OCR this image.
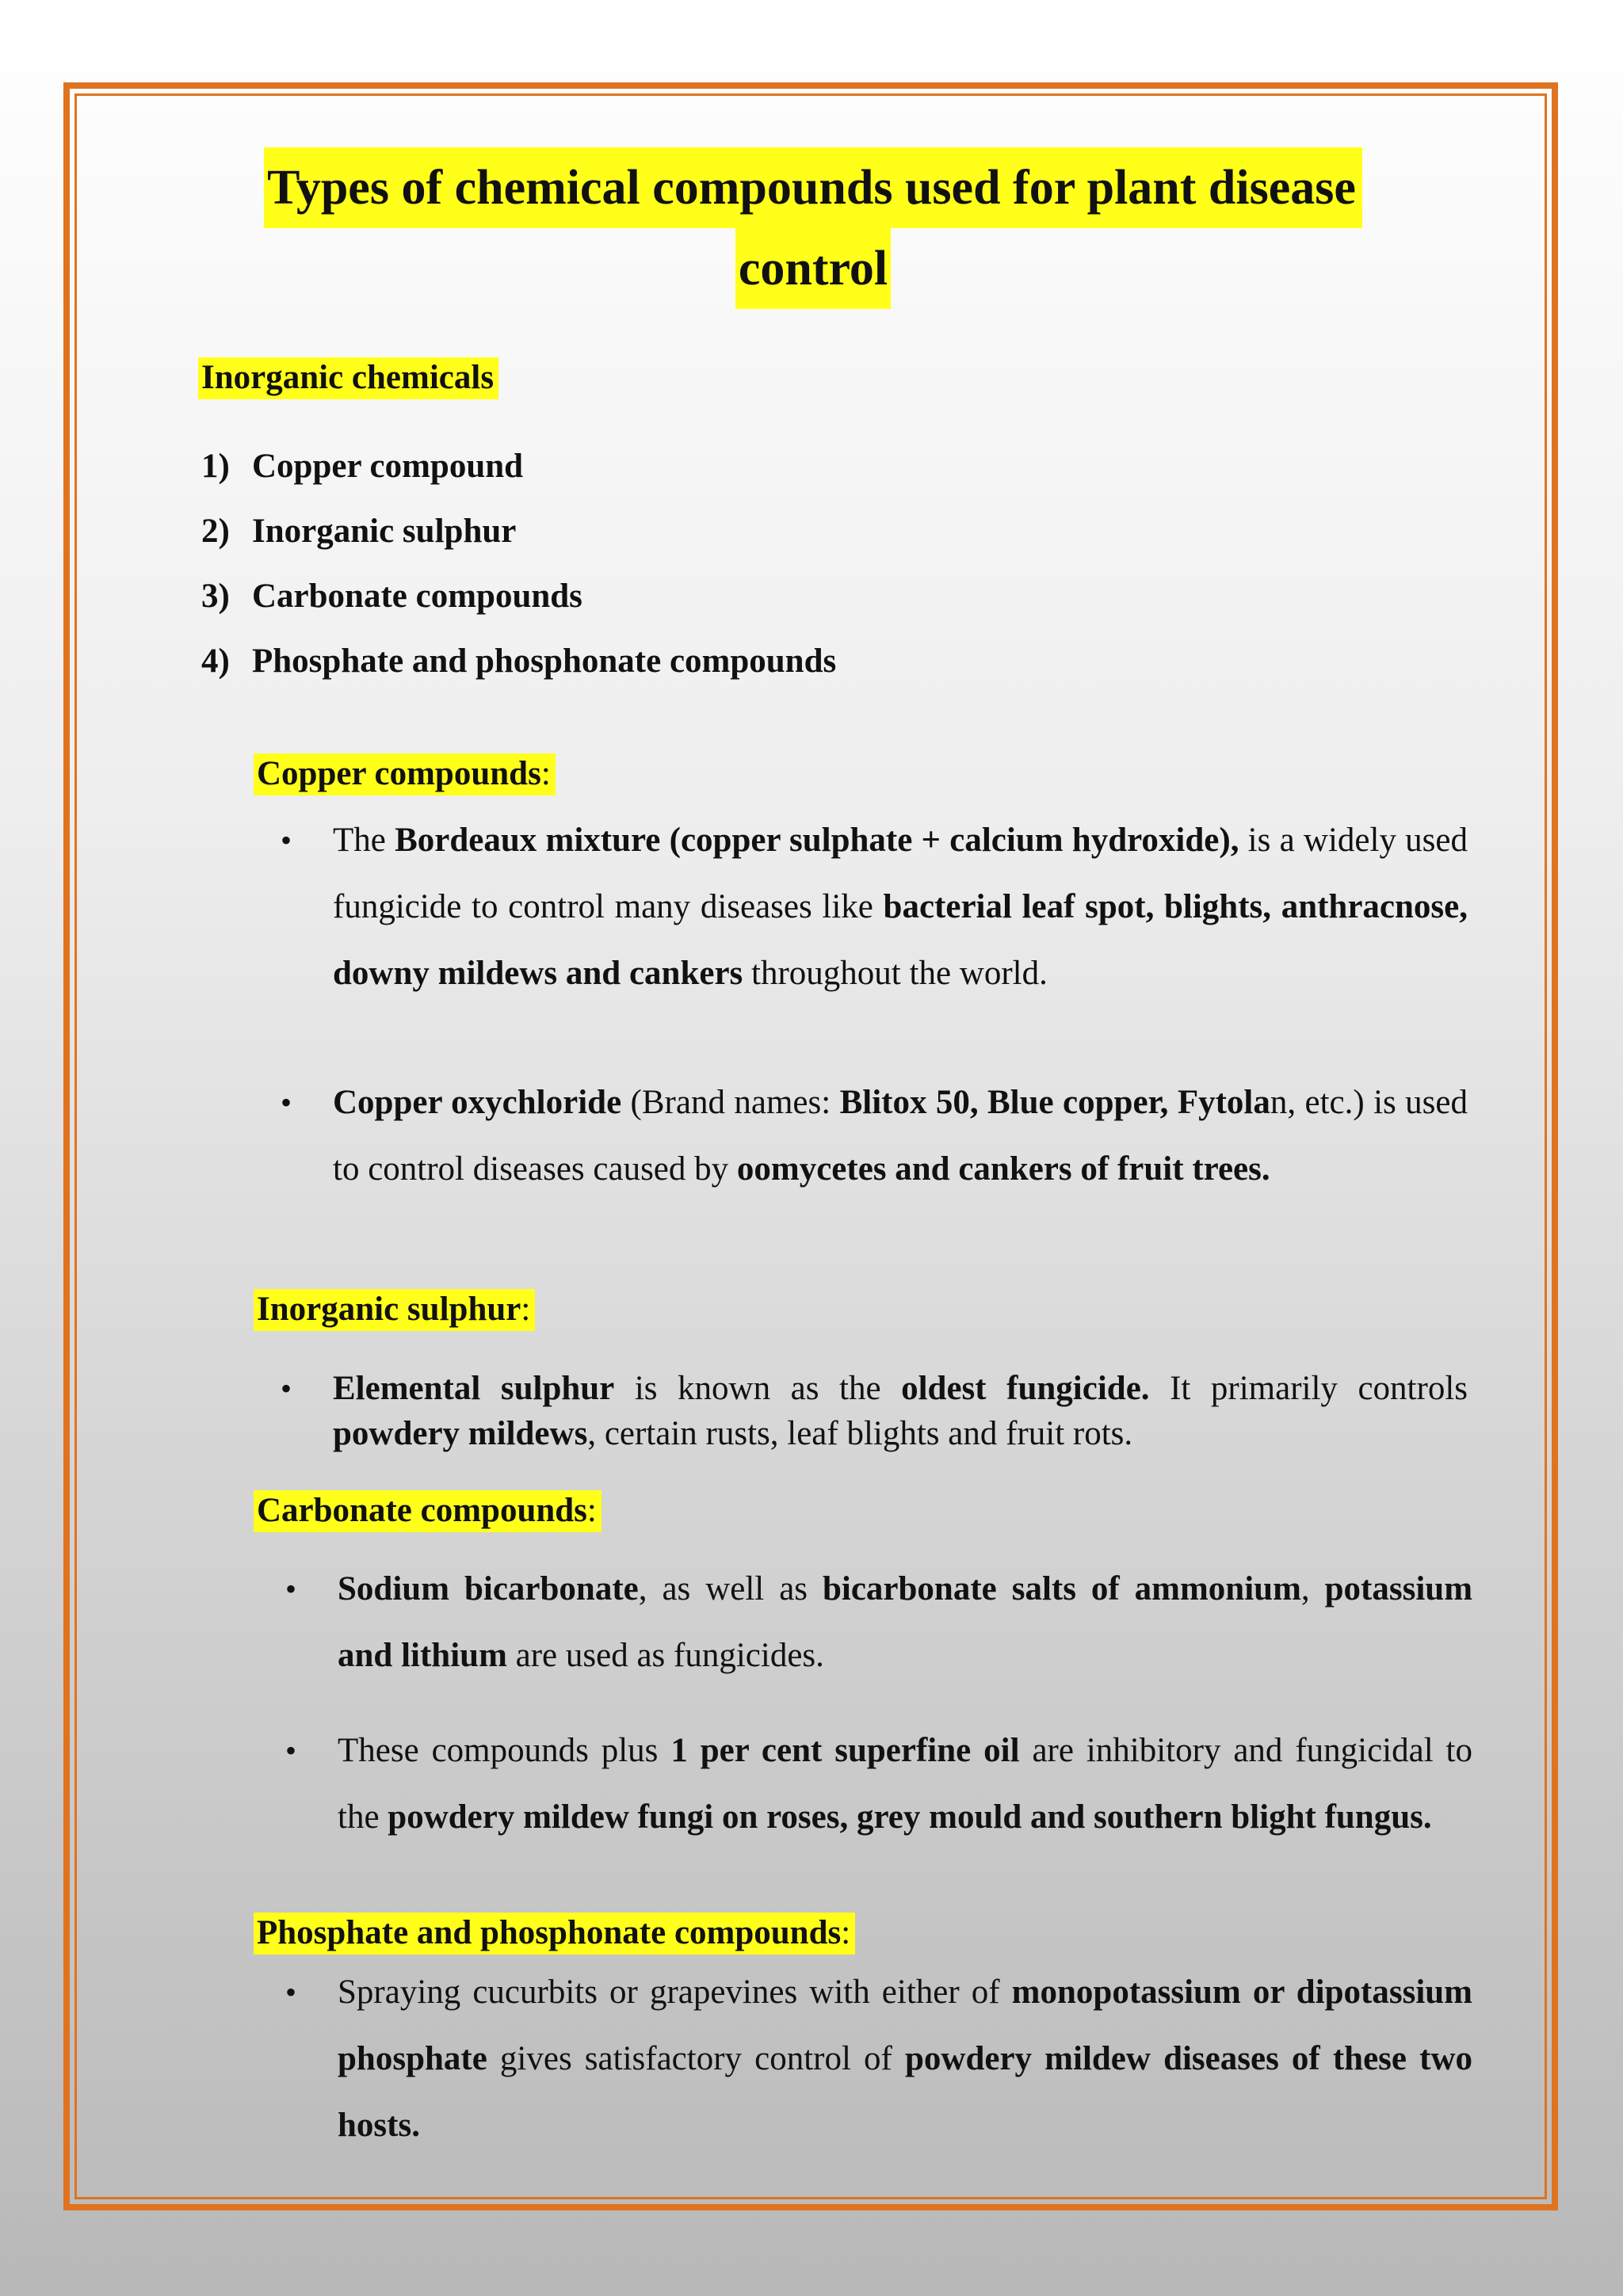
Types of chemical compounds used for plant disease
control
Inorganic chemicals
1) Copper compound
2) Inorganic sulphur
3) Carbonate compounds
4) Phosphate and phosphonate compounds
Copper compounds:

• The Bordeaux mixture (copper sulphate + calcium hydroxide), is a widely used fungicide to control many diseases like bacterial leaf spot, blights, anthracnose, downy mildews and cankers throughout the world.

• Copper oxychloride (Brand names: Blitox 50, Blue copper, Fytolan, etc.) is used to control diseases caused by oomycetes and cankers of fruit trees.

Inorganic sulphur:

• Elemental sulphur is known as the oldest fungicide. It primarily controls powdery mildews, certain rusts, leaf blights and fruit rots.

Carbonate compounds:

• Sodium bicarbonate, as well as bicarbonate salts of ammonium, potassium and lithium are used as fungicides.

• These compounds plus 1 per cent superfine oil are inhibitory and fungicidal to the powdery mildew fungi on roses, grey mould and southern blight fungus.

Phosphate and phosphonate compounds:

• Spraying cucurbits or grapevines with either of monopotassium or dipotassium phosphate gives satisfactory control of powdery mildew diseases of these two hosts.
